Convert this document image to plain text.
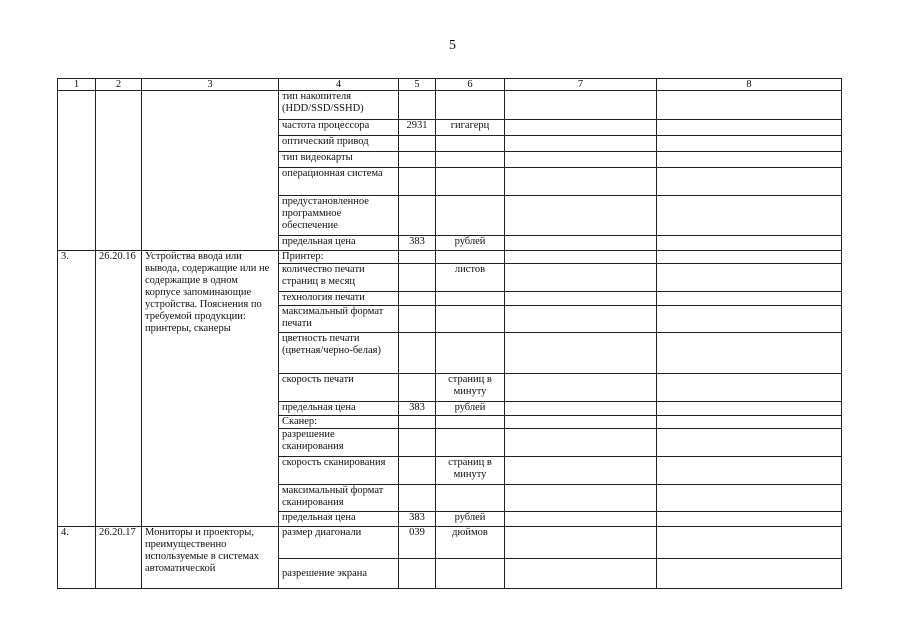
5
1	2	3	4	5	6	7	8
			тип накопителя (HDD/SSD/SSHD)				
			частота процессора	2931	гигагерц		
			оптический привод				
			тип видеокарты				
			операционная система				
			предустановленное программное обеспечение				
			предельная цена	383	рублей		
3.	26.20.16	Устройства ввода или вывода, содержащие или не содержащие в одном корпусе запоминающие устройства. Пояснения по требуемой продукции: принтеры, сканеры	Принтер:				
			количество печати страниц в месяц		листов		
			технология печати				
			максимальный формат печати				
			цветность печати (цветная/черно-белая)				
			скорость печати		страниц в минуту		
			предельная цена	383	рублей		
			Сканер:				
			разрешение сканирования				
			скорость сканирования		страниц в минуту		
			максимальный формат сканирования				
			предельная цена	383	рублей		
4.	26.20.17	Мониторы и проекторы, преимущественно используемые в системах автоматической	размер диагонали	039	дюймов		
			разрешение экрана				
